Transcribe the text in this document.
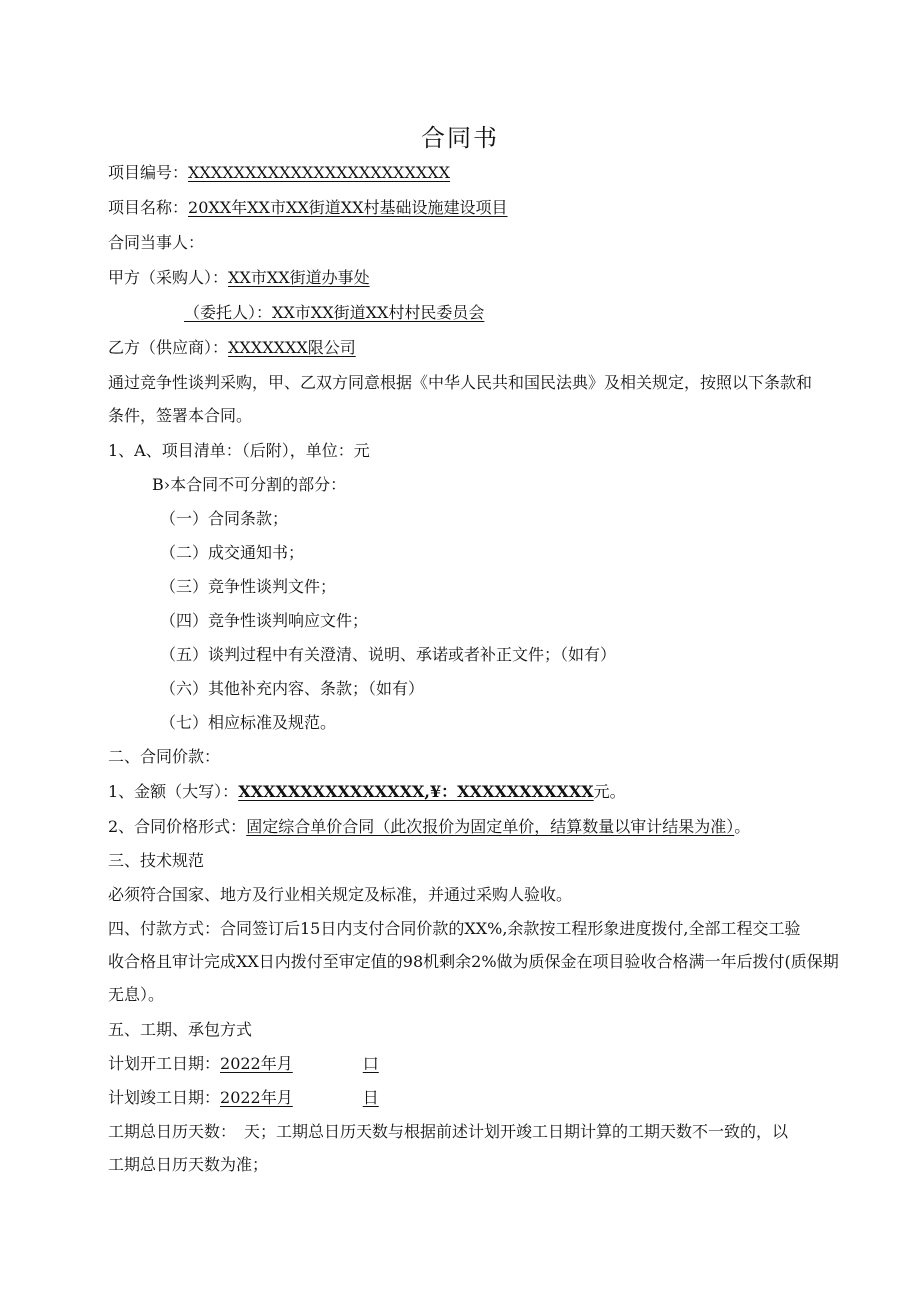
合同书
项目编号：XXXXXXXXXXXXXXXXXXXXXXX
项目名称：20XX年XX市XX街道XX村基础设施建设项目
合同当事人：
甲方（采购人）：XX市XX街道办事处
（委托人）：XX市XX街道XX村村民委员会
乙方（供应商）：XXXXXXX限公司
通过竞争性谈判采购，甲、乙双方同意根据《中华人民共和国民法典》及相关规定，按照以下条款和
条件，签署本合同。
1、A、项目清单：（后附），单位：元
B›本合同不可分割的部分：
（一）合同条款；
（二）成交通知书；
（三）竞争性谈判文件；
（四）竞争性谈判响应文件；
（五）谈判过程中有关澄清、说明、承诺或者补正文件；（如有）
（六）其他补充内容、条款；（如有）
（七）相应标准及规范。
二、合同价款：
1、金额（大写）：XXXXXXXXXXXXXXX,¥：XXXXXXXXXXX元。
2、合同价格形式：固定综合单价合同（此次报价为固定单价，结算数量以审计结果为准）。
三、技术规范
必须符合国家、地方及行业相关规定及标准，并通过采购人验收。
四、付款方式：合同签订后15日内支付合同价款的XX%,余款按工程形象进度拨付,全部工程交工验
收合格且审计完成XX日内拨付至审定值的98机剩余2%做为质保金在项目验收合格满一年后拨付(质保期
无息）。
五、工期、承包方式
计划开工日期：2022年月	口
计划竣工日期：2022年月	日
工期总日历天数：　天；工期总日历天数与根据前述计划开竣工日期计算的工期天数不一致的，以
工期总日历天数为准；
